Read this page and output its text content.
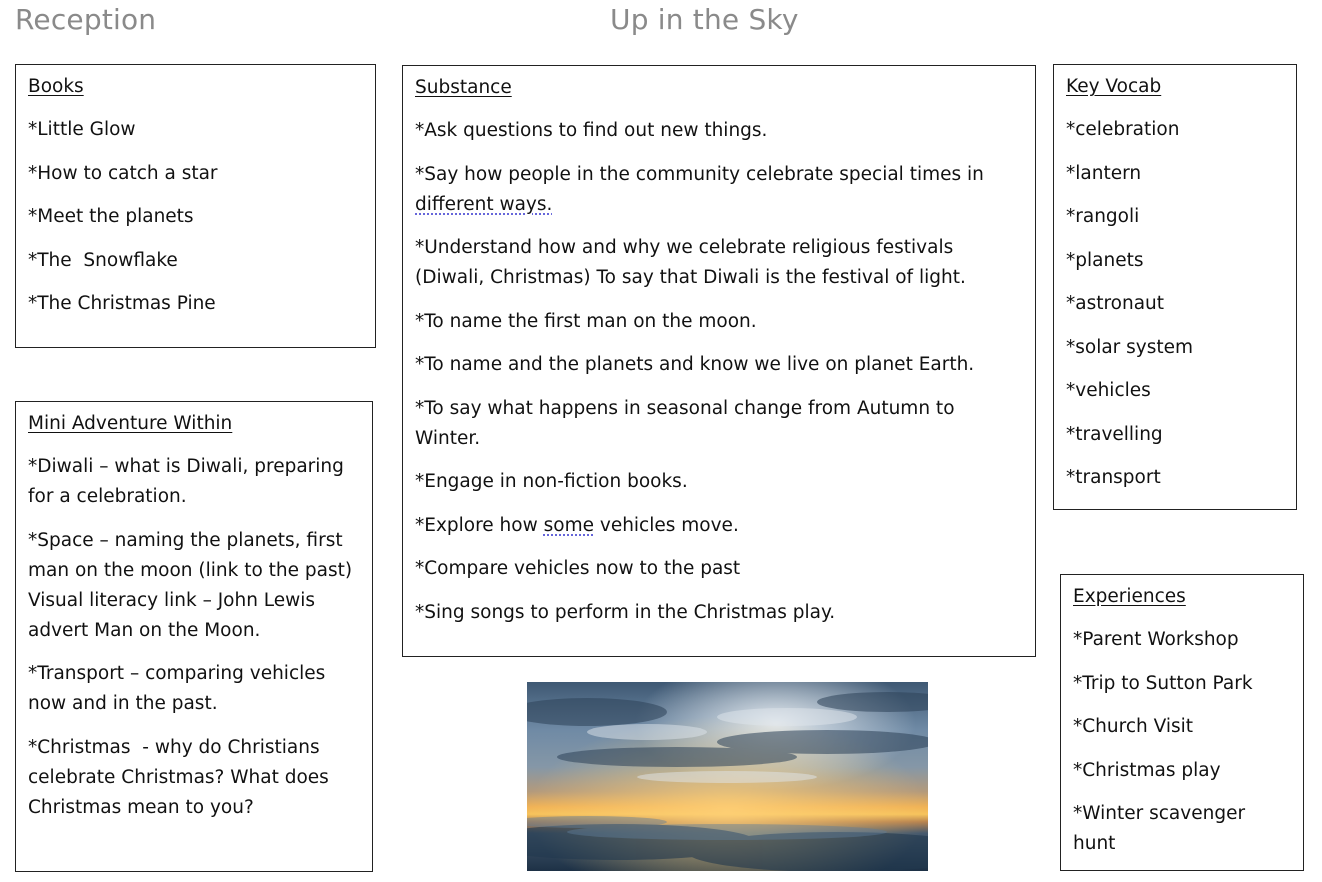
Reception	Up in the Sky
Books
*Little Glow
*How to catch a star
*Meet the planets
*The  Snowflake
*The Christmas Pine
Substance
*Ask questions to find out new things.
*Say how people in the community celebrate special times in
different ways.
*Understand how and why we celebrate religious festivals (Diwali, Christmas) To say that Diwali is the festival of light.
*To name the first man on the moon.
*To name and the planets and know we live on planet Earth.
*To say what happens in seasonal change from Autumn to Winter.
*Engage in non-fiction books.
*Explore how some vehicles move.
*Compare vehicles now to the past
*Sing songs to perform in the Christmas play.
Key Vocab
*celebration
*lantern
*rangoli
*planets
*astronaut
*solar system
*vehicles
*travelling
*transport
Mini Adventure Within
*Diwali – what is Diwali, preparing for a celebration.
*Space – naming the planets, first man on the moon (link to the past) Visual literacy link – John Lewis advert Man on the Moon.
*Transport – comparing vehicles now and in the past.
*Christmas  - why do Christians celebrate Christmas? What does Christmas mean to you?
Experiences
*Parent Workshop
*Trip to Sutton Park
*Church Visit
*Christmas play
*Winter scavenger hunt
